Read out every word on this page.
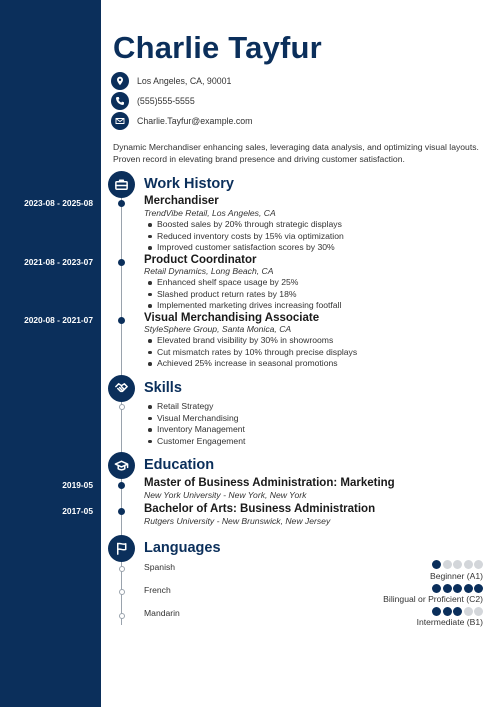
2023-08 - 2025-08
2021-08 - 2023-07
2020-08 - 2021-07
2019-05
2017-05
Charlie Tayfur
Los Angeles, CA, 90001
(555)555-5555
Charlie.Tayfur@example.com
Dynamic Merchandiser enhancing sales, leveraging data analysis, and optimizing visual layouts. Proven record in elevating brand presence and driving customer satisfaction.
Work History
Merchandiser
TrendVibe Retail, Los Angeles, CA
Boosted sales by 20% through strategic displays
Reduced inventory costs by 15% via optimization
Improved customer satisfaction scores by 30%
Product Coordinator
Retail Dynamics, Long Beach, CA
Enhanced shelf space usage by 25%
Slashed product return rates by 18%
Implemented marketing drives increasing footfall
Visual Merchandising Associate
StyleSphere Group, Santa Monica, CA
Elevated brand visibility by 30% in showrooms
Cut mismatch rates by 10% through precise displays
Achieved 25% increase in seasonal promotions
Skills
Retail Strategy
Visual Merchandising
Inventory Management
Customer Engagement
Education
Master of Business Administration: Marketing
New York University - New York, New York
Bachelor of Arts: Business Administration
Rutgers University - New Brunswick, New Jersey
Languages
Spanish
Beginner (A1)
French
Bilingual or Proficient (C2)
Mandarin
Intermediate (B1)
